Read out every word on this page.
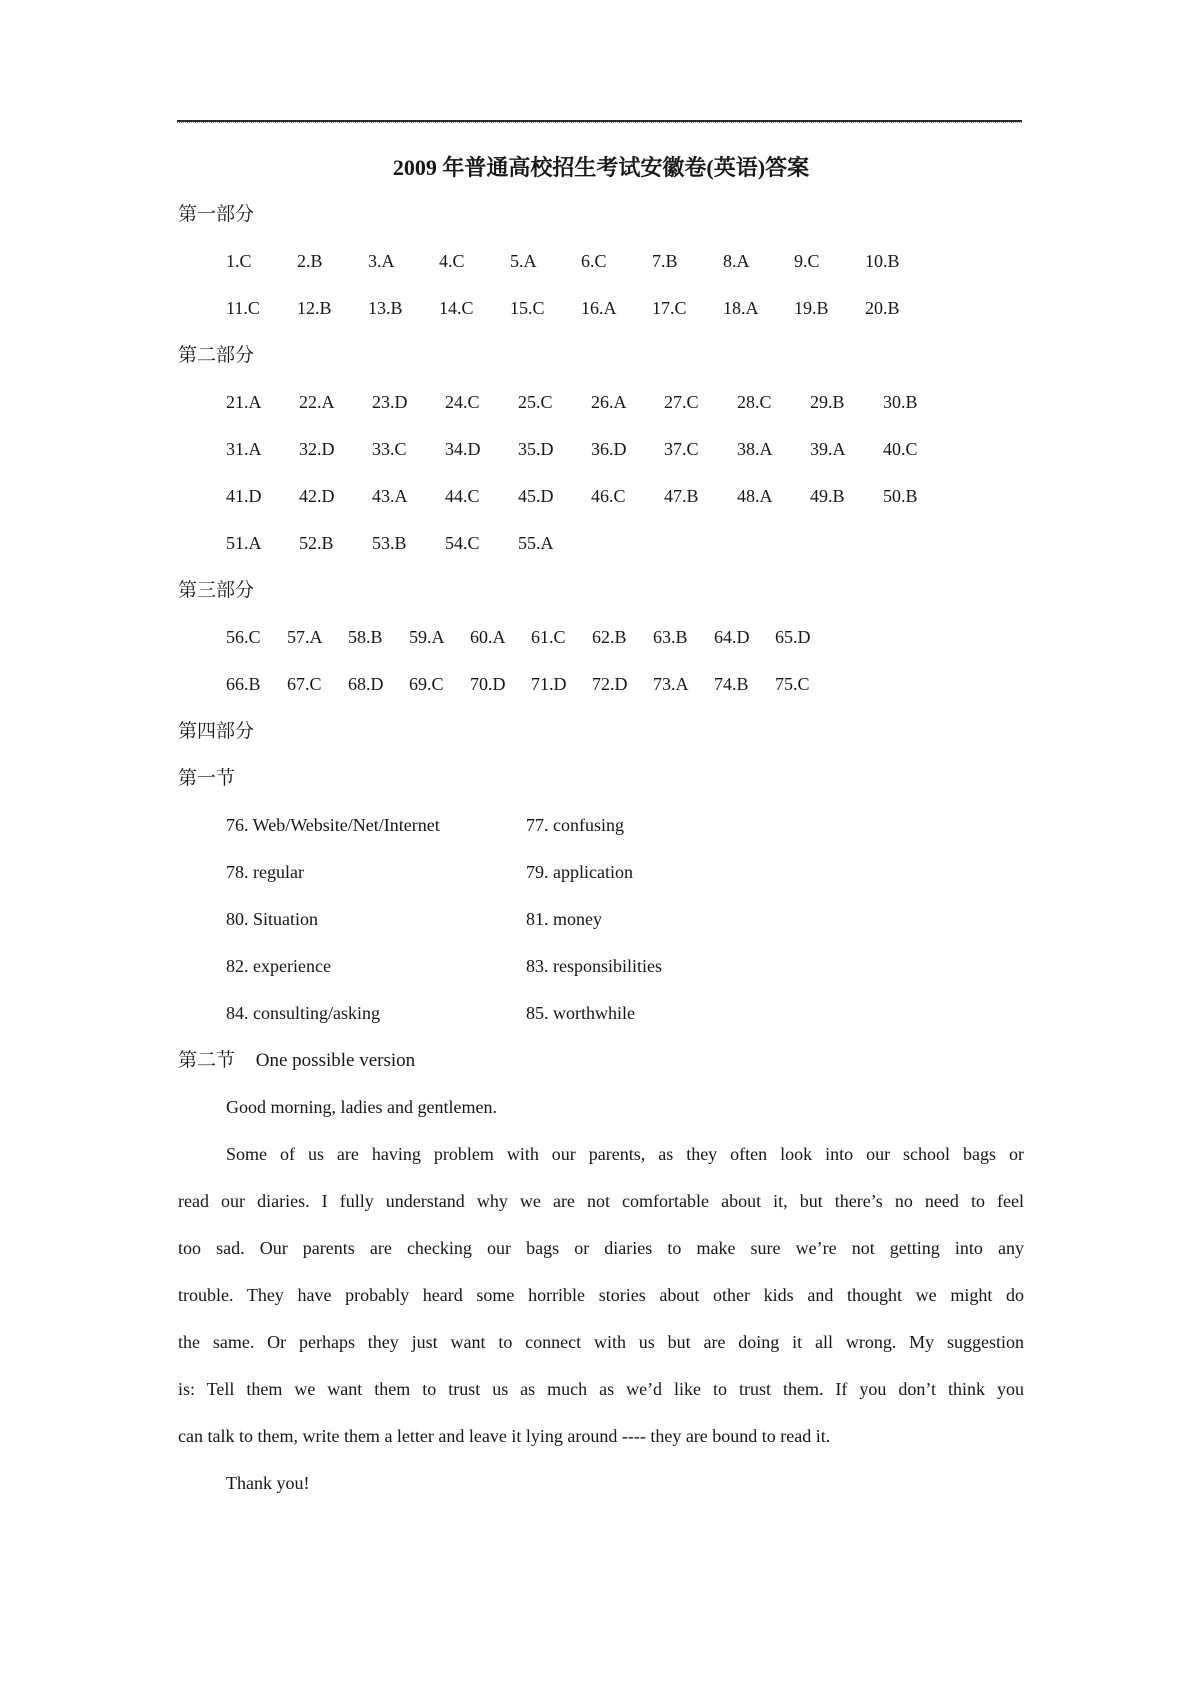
2009 年普通高校招生考试安徽卷(英语)答案
第一部分
1.C	2.B	3.A	4.C	5.A	6.C	7.B	8.A	9.C	10.B
11.C	12.B	13.B	14.C	15.C	16.A	17.C	18.A	19.B	20.B
第二部分
21.A	22.A	23.D	24.C	25.C	26.A	27.C	28.C	29.B	30.B
31.A	32.D	33.C	34.D	35.D	36.D	37.C	38.A	39.A	40.C
41.D	42.D	43.A	44.C	45.D	46.C	47.B	48.A	49.B	50.B
51.A	52.B	53.B	54.C	55.A
第三部分
56.C	57.A	58.B	59.A	60.A	61.C	62.B	63.B	64.D	65.D
66.B	67.C	68.D	69.C	70.D	71.D	72.D	73.A	74.B	75.C
第四部分
第一节
76. Web/Website/Net/Internet	77. confusing
78. regular	79. application
80. Situation	81. money
82. experience	83. responsibilities
84. consulting/asking	85. worthwhile
第二节 One possible version
Good morning, ladies and gentlemen.
Some of us are having problem with our parents, as they often look into our school bags or
read our diaries. I fully understand why we are not comfortable about it, but there’s no need to feel
too sad. Our parents are checking our bags or diaries to make sure we’re not getting into any
trouble. They have probably heard some horrible stories about other kids and thought we might do
the same. Or perhaps they just want to connect with us but are doing it all wrong. My suggestion
is: Tell them we want them to trust us as much as we’d like to trust them. If you don’t think you
can talk to them, write them a letter and leave it lying around ---- they are bound to read it.
Thank you!
